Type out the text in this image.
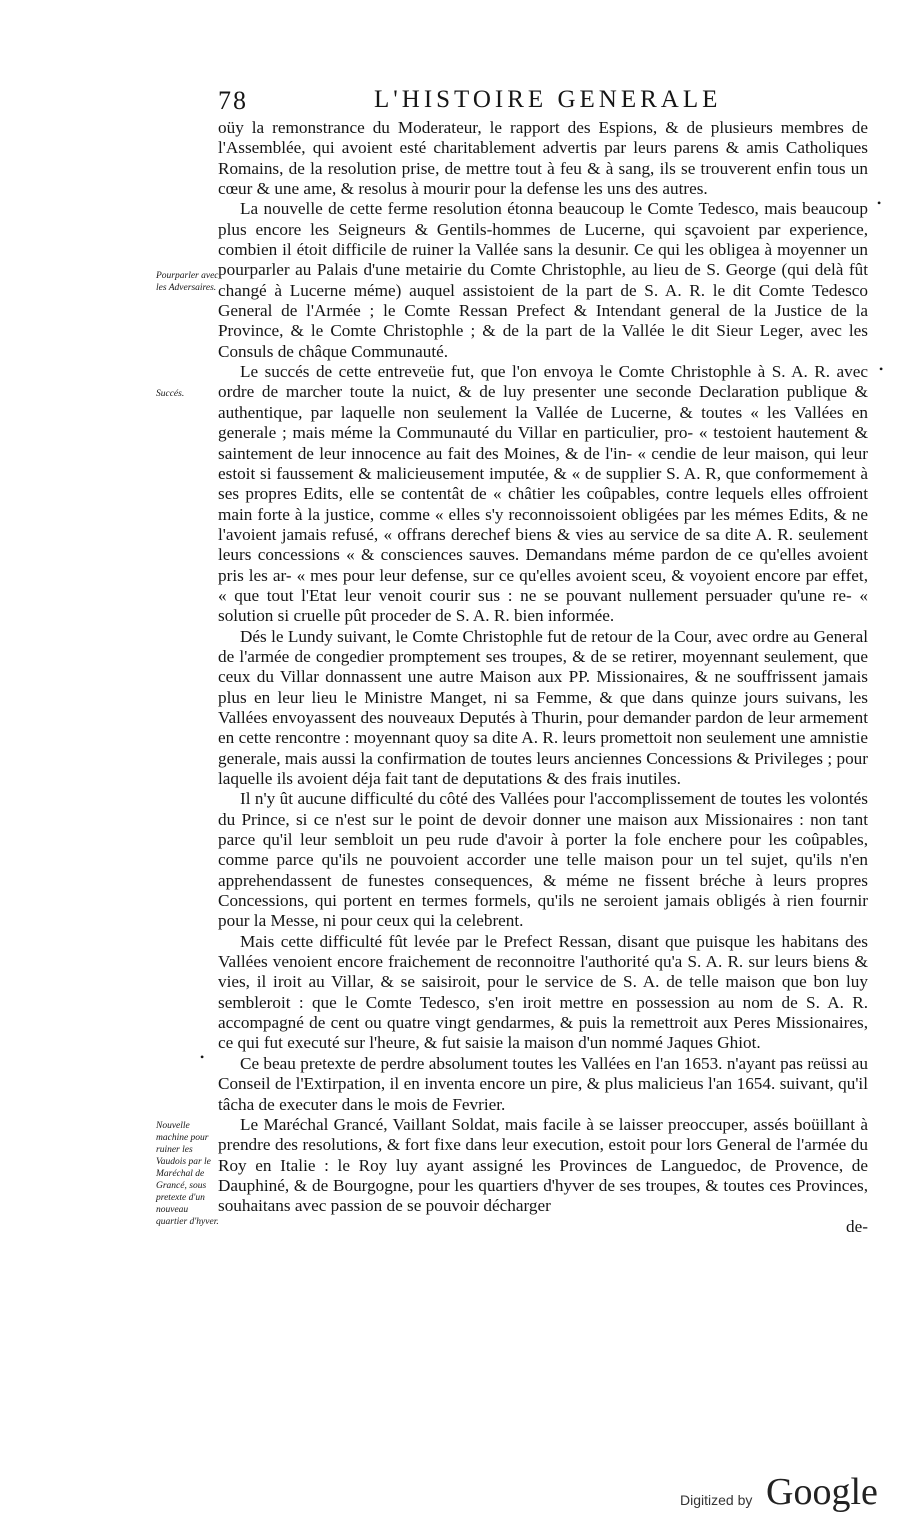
78	L'HISTOIRE GENERALE

oüy la remonstrance du Moderateur, le rapport des Espions, & de plusieurs membres de l'Assemblée, qui avoient esté charitablement advertis par leurs parens & amis Catholiques Romains, de la resolution prise, de mettre tout à feu & à sang, ils se trouverent enfin tous un cœur & une ame, & resolus à mourir pour la defense les uns des autres.

La nouvelle de cette ferme resolution étonna beaucoup le Comte Tedesco, mais beaucoup plus encore les Seigneurs & Gentils-hommes de Lucerne, qui sçavoient par experience, combien il étoit difficile de ruiner la Vallée sans la desunir. Ce qui les obligea à moyenner un pourparler au Palais d'une metairie du Comte Christophle, au lieu de S. George (qui delà fût changé à Lucerne méme) auquel assistoient de la part de S. A. R. le dit Comte Tedesco General de l'Armée ; le Comte Ressan Prefect & Intendant general de la Justice de la Province, & le Comte Christophle ; & de la part de la Vallée le dit Sieur Leger, avec les Consuls de châque Communauté.

Le succés de cette entreveüe fut, que l'on envoya le Comte Christophle à S. A. R. avec ordre de marcher toute la nuict, & de luy presenter une seconde Declaration publique & authentique, par laquelle non seulement la Vallée de Lucerne, & toutes « les Vallées en generale ; mais méme la Communauté du Villar en particulier, pro- « testoient hautement & saintement de leur innocence au fait des Moines, & de l'in- « cendie de leur maison, qui leur estoit si faussement & malicieusement imputée, & « de supplier S. A. R, que conformement à ses propres Edits, elle se contentât de « châtier les coûpables, contre lequels elles offroient main forte à la justice, comme « elles s'y reconnoissoient obligées par les mémes Edits, & ne l'avoient jamais refusé, « offrans derechef biens & vies au service de sa dite A. R. seulement leurs concessions « & consciences sauves. Demandans méme pardon de ce qu'elles avoient pris les ar- « mes pour leur defense, sur ce qu'elles avoient sceu, & voyoient encore par effet, « que tout l'Etat leur venoit courir sus : ne se pouvant nullement persuader qu'une re- « solution si cruelle pût proceder de S. A. R. bien informée.

Dés le Lundy suivant, le Comte Christophle fut de retour de la Cour, avec ordre au General de l'armée de congedier promptement ses troupes, & de se retirer, moyennant seulement, que ceux du Villar donnassent une autre Maison aux PP. Missionaires, & ne souffrissent jamais plus en leur lieu le Ministre Manget, ni sa Femme, & que dans quinze jours suivans, les Vallées envoyassent des nouveaux Deputés à Thurin, pour demander pardon de leur armement en cette rencontre : moyennant quoy sa dite A. R. leurs promettoit non seulement une amnistie generale, mais aussi la confirmation de toutes leurs anciennes Concessions & Privileges ; pour laquelle ils avoient déja fait tant de deputations & des frais inutiles.

Il n'y ût aucune difficulté du côté des Vallées pour l'accomplissement de toutes les volontés du Prince, si ce n'est sur le point de devoir donner une maison aux Missionaires : non tant parce qu'il leur sembloit un peu rude d'avoir à porter la fole enchere pour les coûpables, comme parce qu'ils ne pouvoient accorder une telle maison pour un tel sujet, qu'ils n'en apprehendassent de funestes consequences, & méme ne fissent bréche à leurs propres Concessions, qui portent en termes formels, qu'ils ne seroient jamais obligés à rien fournir pour la Messe, ni pour ceux qui la celebrent.

Mais cette difficulté fût levée par le Prefect Ressan, disant que puisque les habitans des Vallées venoient encore fraichement de reconnoitre l'authorité qu'a S. A. R. sur leurs biens & vies, il iroit au Villar, & se saisiroit, pour le service de S. A. de telle maison que bon luy sembleroit : que le Comte Tedesco, s'en iroit mettre en possession au nom de S. A. R. accompagné de cent ou quatre vingt gendarmes, & puis la remettroit aux Peres Missionaires, ce qui fut executé sur l'heure, & fut saisie la maison d'un nommé Jaques Ghiot.

Ce beau pretexte de perdre absolument toutes les Vallées en l'an 1653. n'ayant pas reüssi au Conseil de l'Extirpation, il en inventa encore un pire, & plus malicieus l'an 1654. suivant, qu'il tâcha de executer dans le mois de Fevrier.

Le Maréchal Grancé, Vaillant Soldat, mais facile à se laisser preoccuper, assés boüillant à prendre des resolutions, & fort fixe dans leur execution, estoit pour lors General de l'armée du Roy en Italie : le Roy luy ayant assigné les Provinces de Languedoc, de Provence, de Dauphiné, & de Bourgogne, pour les quartiers d'hyver de ses troupes, & toutes ces Provinces, souhaitans avec passion de se pouvoir décharger

de-
Pourparler avec les Adversaires.
Succés.
Nouvelle machine pour ruiner les Vaudois par le Maréchal de Grancé, sous pretexte d'un nouveau quartier d'hyver.
•
•
•
Digitized by Google
